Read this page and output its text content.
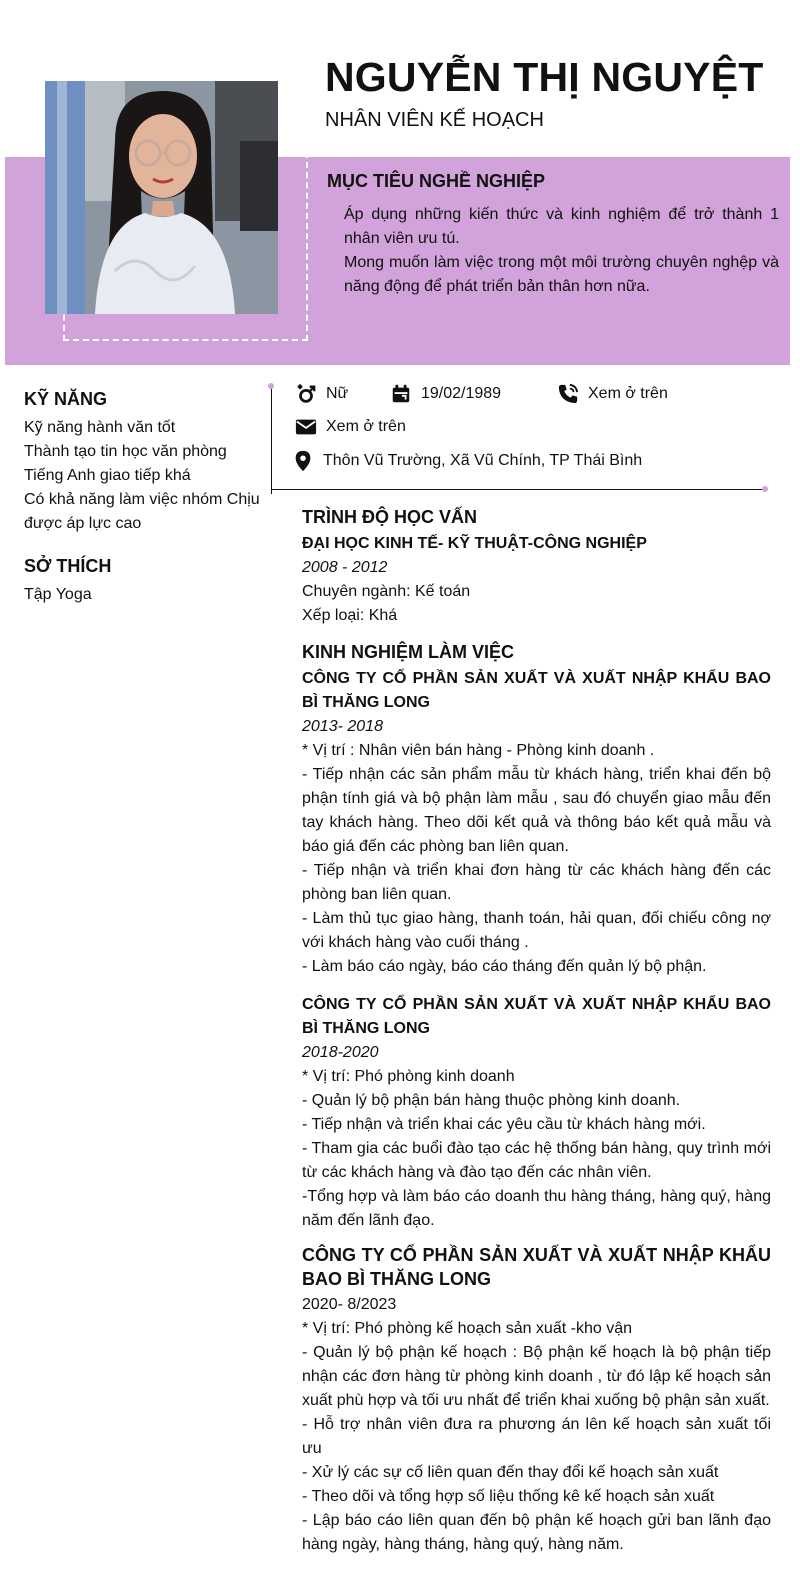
NGUYỄN THỊ NGUYỆT
NHÂN VIÊN KẾ HOẠCH
MỤC TIÊU NGHỀ NGHIỆP

Áp dụng những kiến thức và kinh nghiệm để trở thành 1 nhân viên ưu tú.

Mong muốn làm việc trong một môi trường chuyên nghệp và năng động để phát triển bản thân hơn nữa.

KỸ NĂNG
Kỹ năng hành văn tốt
Thành tạo tin học văn phòng
Tiếng Anh giao tiếp khá
Có khả năng làm việc nhóm Chịu được áp lực cao
SỞ THÍCH
Tập Yoga
Nữ	19/02/1989	Xem ở trên
Xem ở trên
Thôn Vũ Trường, Xã Vũ Chính, TP Thái Bình
TRÌNH ĐỘ HỌC VẤN
ĐẠI HỌC KINH TẾ- KỸ THUẬT-CÔNG NGHIỆP
2008 - 2012
Chuyên ngành: Kế toán
Xếp loại: Khá
KINH NGHIỆM LÀM VIỆC
CÔNG TY CỔ PHẦN SẢN XUẤT VÀ XUẤT NHẬP KHẨU BAO BÌ THĂNG LONG
2013- 2018
* Vị trí : Nhân viên bán hàng - Phòng kinh doanh .
- Tiếp nhận các sản phẩm mẫu từ khách hàng, triển khai đến bộ phận tính giá và bộ phận làm mẫu , sau đó chuyển giao mẫu đến tay khách hàng. Theo dõi kết quả và thông báo kết quả mẫu và báo giá đến các phòng ban liên quan.
- Tiếp nhận và triển khai đơn hàng từ các khách hàng đến các phòng ban liên quan.
- Làm thủ tục giao hàng, thanh toán, hải quan, đối chiếu công nợ với khách hàng vào cuối tháng .
- Làm báo cáo ngày, báo cáo tháng đến quản lý bộ phận.
CÔNG TY CỔ PHẦN SẢN XUẤT VÀ XUẤT NHẬP KHẨU BAO BÌ THĂNG LONG
2018-2020
* Vị trí: Phó phòng kinh doanh
- Quản lý bộ phận bán hàng thuộc phòng kinh doanh.
- Tiếp nhận và triển khai các yêu cầu từ khách hàng mới.
- Tham gia các buổi đào tạo các hệ thống bán hàng, quy trình mới từ các khách hàng và đào tạo đến các nhân viên.
-Tổng hợp và làm báo cáo doanh thu hàng tháng, hàng quý, hàng năm đến lãnh đạo.
CÔNG TY CỔ PHẦN SẢN XUẤT VÀ XUẤT NHẬP KHẨU BAO BÌ THĂNG LONG
2020- 8/2023
* Vị trí: Phó phòng kế hoạch sản xuất -kho vận
- Quản lý bộ phận kế hoạch : Bộ phận kế hoạch là bộ phận tiếp nhận các đơn hàng từ phòng kinh doanh , từ đó lập kế hoạch sản xuất phù hợp và tối ưu nhất để triển khai xuống bộ phận sản xuất.
- Hỗ trợ nhân viên đưa ra phương án lên kế hoạch sản xuất tối ưu
- Xử lý các sự cố liên quan đến thay đổi kế hoạch sản xuất
- Theo dõi và tổng hợp số liệu thống kê kế hoạch sản xuất
- Lập báo cáo liên quan đến bộ phận kế hoạch gửi ban lãnh đạo hàng ngày, hàng tháng, hàng quý, hàng năm.
